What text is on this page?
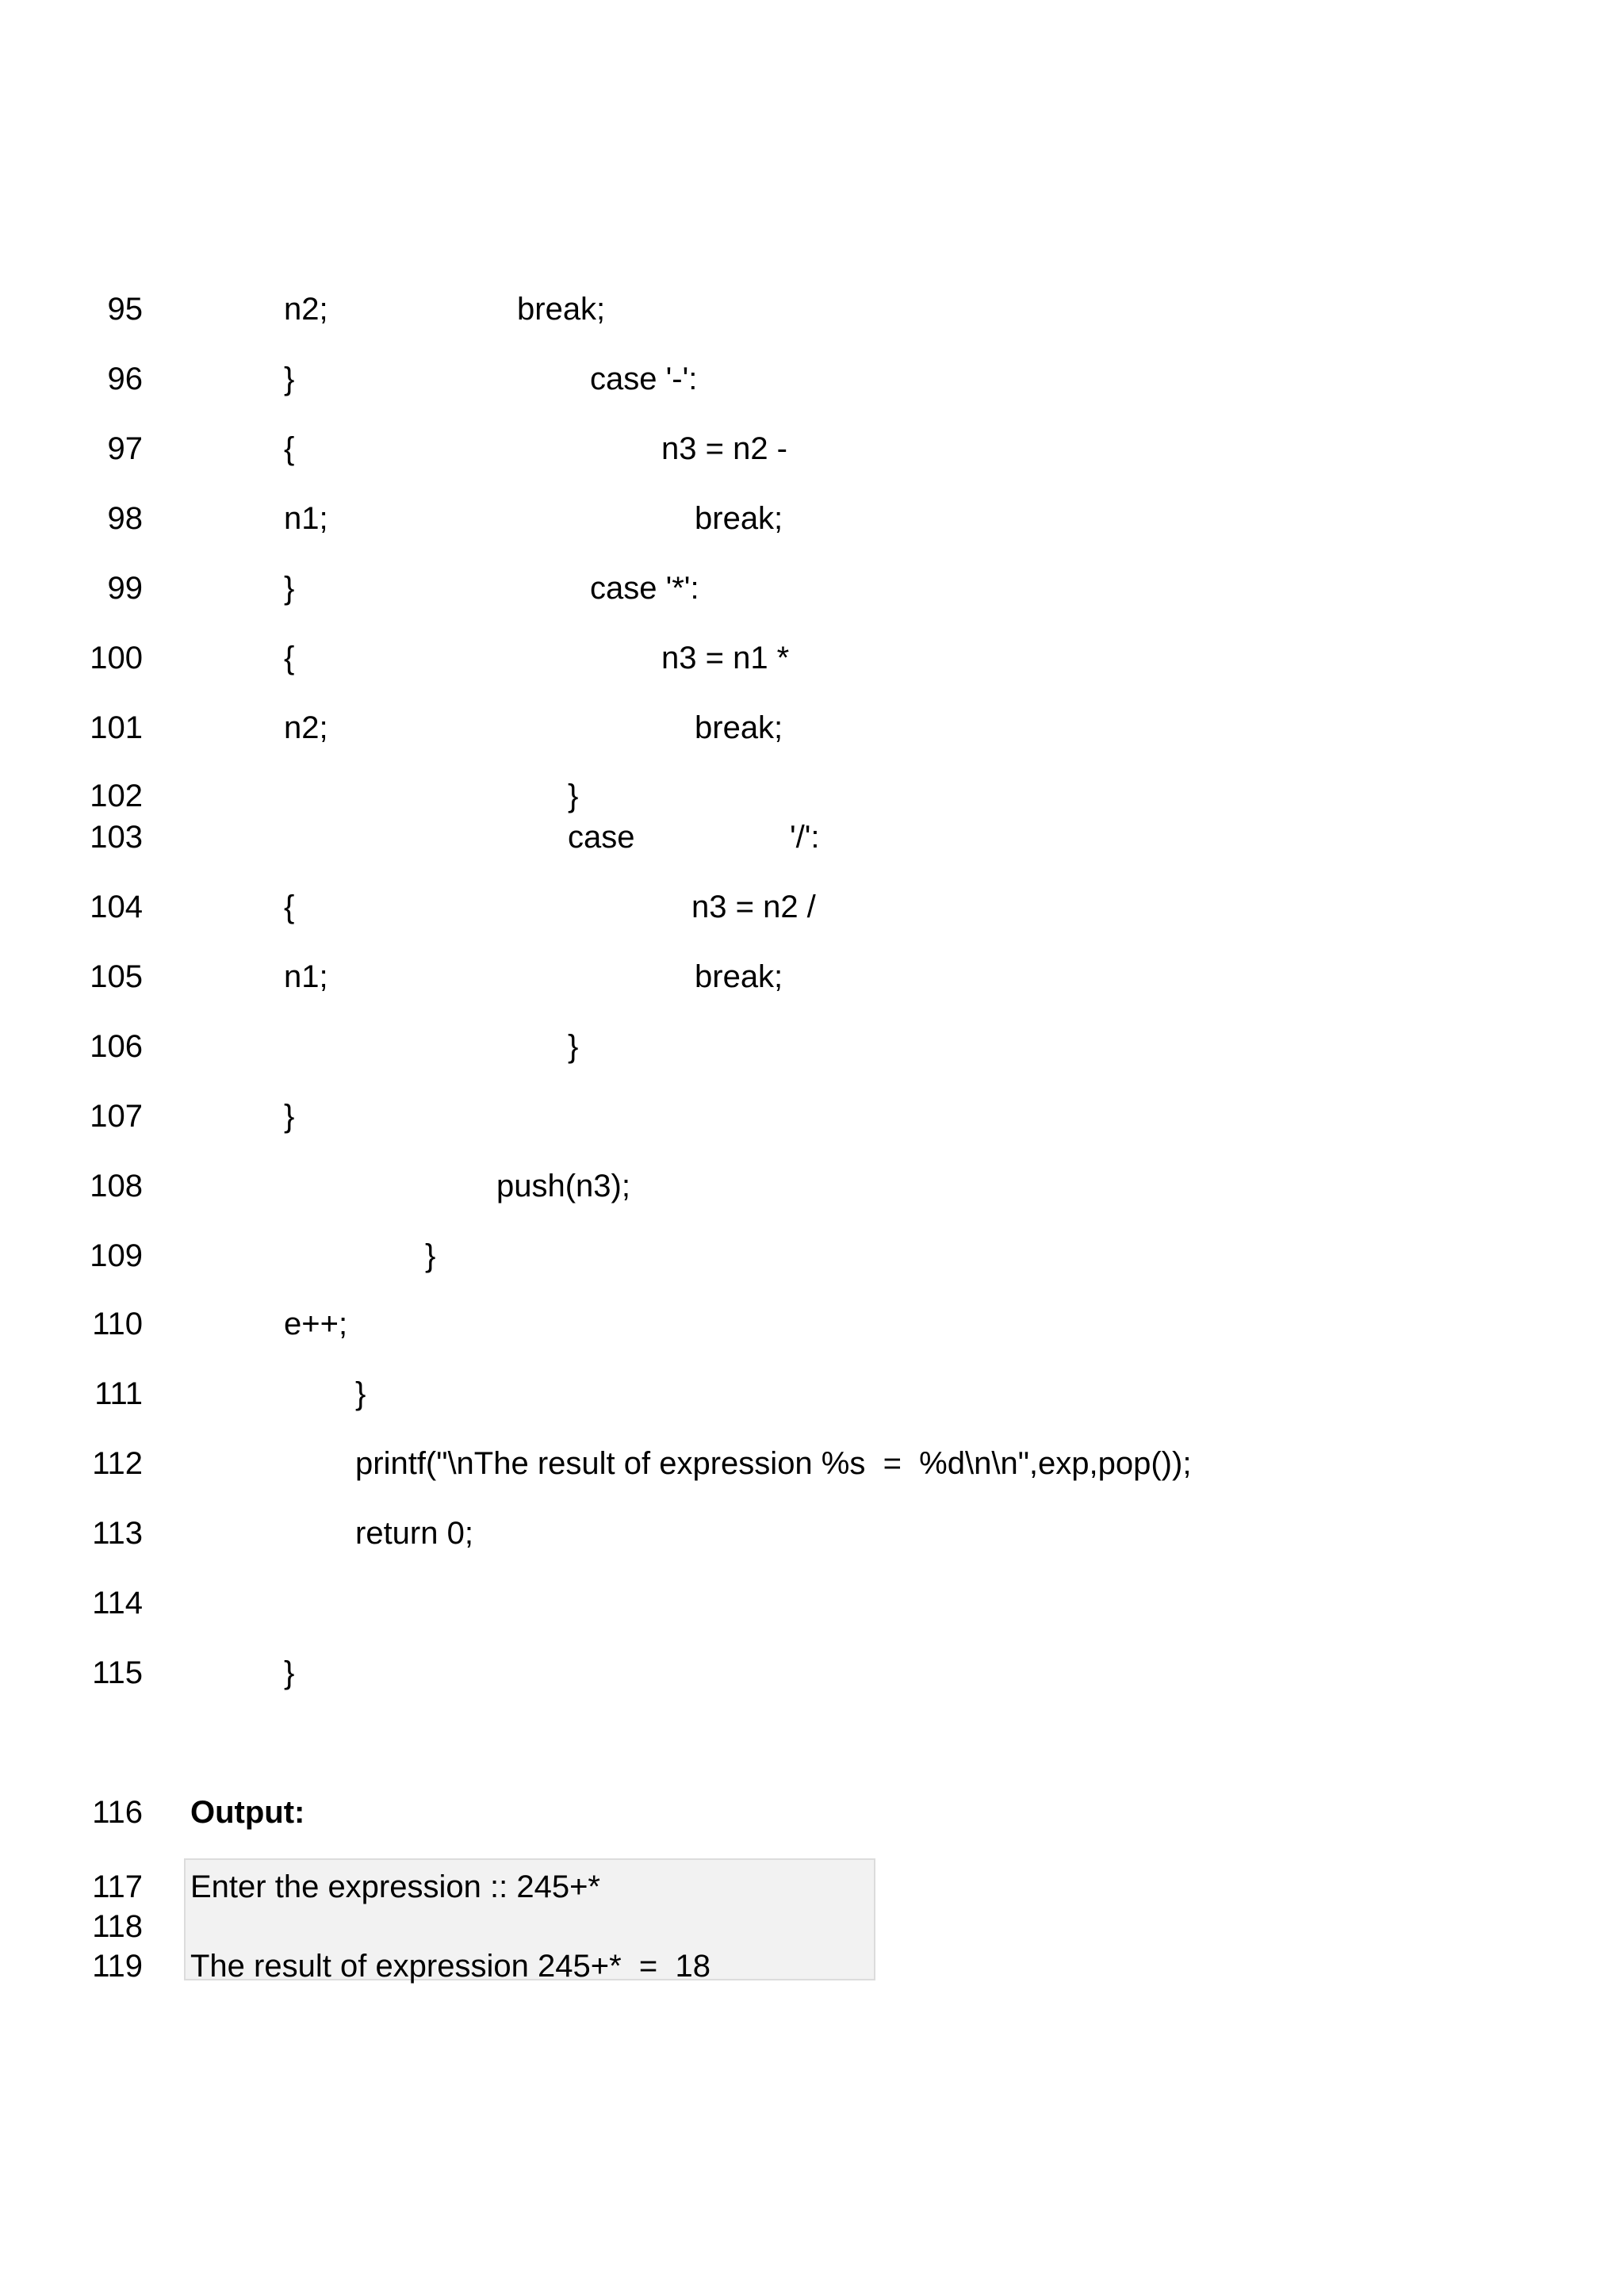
95	n2;	break;
96	}	case '-':
97	{	n3 = n2 -
98	n1;	break;
99	}	case '*':
100	{	n3 = n1 *
101	n2;	break;
102	}
103	case	'/':
104	{	n3 = n2 /
105	n1;	break;
106	}
107	}
108	push(n3);
109	}
110	e++;
111	}
112	printf("\nThe result of expression %s  =  %d\n\n",exp,pop());
113	return 0;
114
115	}
116 Output:
117 Enter the expression :: 245+*
118
119 The result of expression 245+*  =  18
